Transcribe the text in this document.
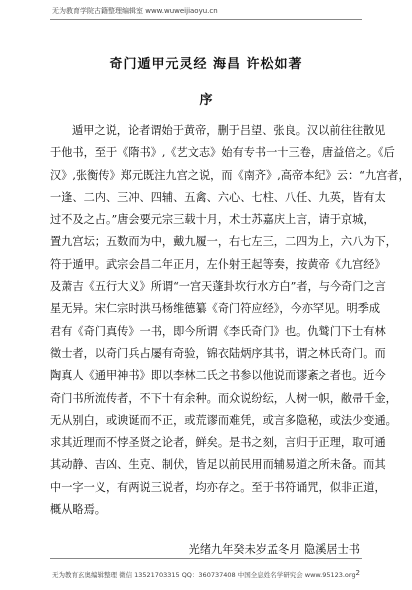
无为教育学院古籍整理编辑室 www.wuweijiaoyu.cn
奇门遁甲元灵经 海昌 许松如著
序
遁甲之说，论者谓始于黄帝，删于吕望、张良。汉以前往往散见
于他书，至于《隋书》,《艺文志》始有专书一十三卷，唐益倍之。《后
汉》,张衡传》郑元既注九宫之说，而《南齐》,高帝本纪》云：“九宫者，
一逢、二内、三冲、四辅、五禽、六心、七柱、八任、九英，皆有太
过不及之占。”唐会要元宗三载十月，术士苏嘉庆上言，请于京城，
置九宫坛；五数而为中，戴九履一，右七左三，二四为上，六八为下，
符于遁甲。武宗会昌二年正月，左仆射王起等奏，按黄帝《九宫经》
及萧吉《五行大义》所谓“一宫天蓬卦坎行水方白”者，与今奇门之言
星无异。宋仁宗时洪马杨维德纂《奇门符应经》，今亦罕见。明季成
君有《奇门真传》一书，即今所谓《李氏奇门》也。仇鹫门下士有林
徵士者，以奇门兵占屡有奇验，锦衣陆炳序其书，谓之林氏奇门。而
陶真人《通甲神书》即以李林二氏之书参以他说而谬紊之者也。近今
奇门书所流传者，不下十有余种。而众说纷纭，人树一帜，敝帚千金，
无从别白，或谀诞而不正，或荒谬而难凭，或言多隐秘，或法少变通。
求其近理而不悖圣贤之论者，鲜矣。是书之刻，言归于正理，取可通
其动静、吉凶、生克、制伏，皆足以前民用而辅易道之所未备。而其
中一字一义，有两说三说者，均亦存之。至于书符诵咒，似非正道，
概从略焉。
光绪九年癸未岁孟冬月 隐溪居士书
无为教育玄奥编辑整理 微信 13521703315 QQ：360737408 中国全息姓名学研究会 www.95123.org 2
